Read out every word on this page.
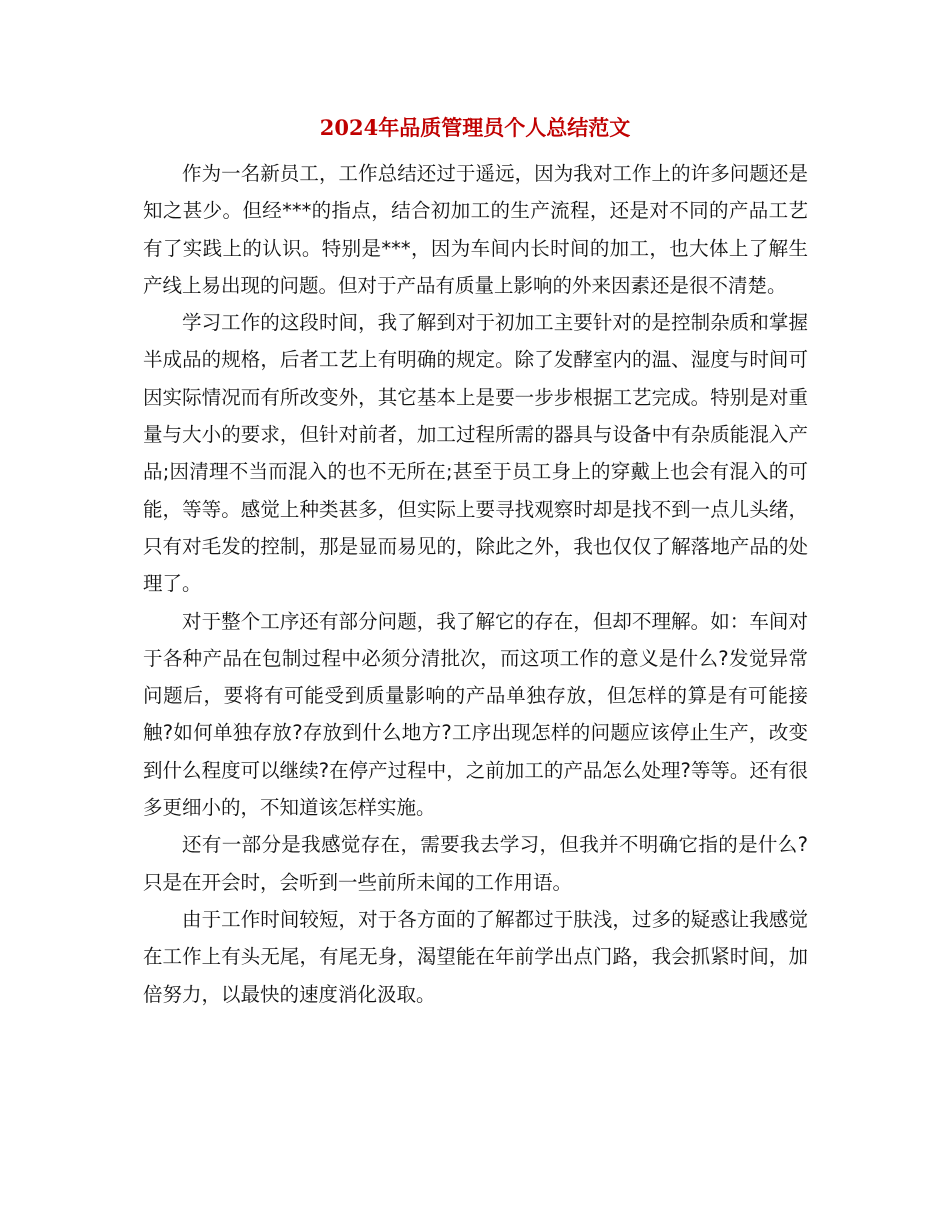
2024年品质管理员个人总结范文

作为一名新员工，工作总结还过于遥远，因为我对工作上的许多问题还是知之甚少。但经***的指点，结合初加工的生产流程，还是对不同的产品工艺有了实践上的认识。特别是***，因为车间内长时间的加工，也大体上了解生产线上易出现的问题。但对于产品有质量上影响的外来因素还是很不清楚。

学习工作的这段时间，我了解到对于初加工主要针对的是控制杂质和掌握半成品的规格，后者工艺上有明确的规定。除了发酵室内的温、湿度与时间可因实际情况而有所改变外，其它基本上是要一步步根据工艺完成。特别是对重量与大小的要求，但针对前者，加工过程所需的器具与设备中有杂质能混入产品;因清理不当而混入的也不无所在;甚至于员工身上的穿戴上也会有混入的可能，等等。感觉上种类甚多，但实际上要寻找观察时却是找不到一点儿头绪，只有对毛发的控制，那是显而易见的，除此之外，我也仅仅了解落地产品的处理了。

对于整个工序还有部分问题，我了解它的存在，但却不理解。如：车间对于各种产品在包制过程中必须分清批次，而这项工作的意义是什么?发觉异常问题后，要将有可能受到质量影响的产品单独存放，但怎样的算是有可能接触?如何单独存放?存放到什么地方?工序出现怎样的问题应该停止生产，改变到什么程度可以继续?在停产过程中，之前加工的产品怎么处理?等等。还有很多更细小的，不知道该怎样实施。

还有一部分是我感觉存在，需要我去学习，但我并不明确它指的是什么?只是在开会时，会听到一些前所未闻的工作用语。

由于工作时间较短，对于各方面的了解都过于肤浅，过多的疑惑让我感觉在工作上有头无尾，有尾无身，渴望能在年前学出点门路，我会抓紧时间，加倍努力，以最快的速度消化汲取。
